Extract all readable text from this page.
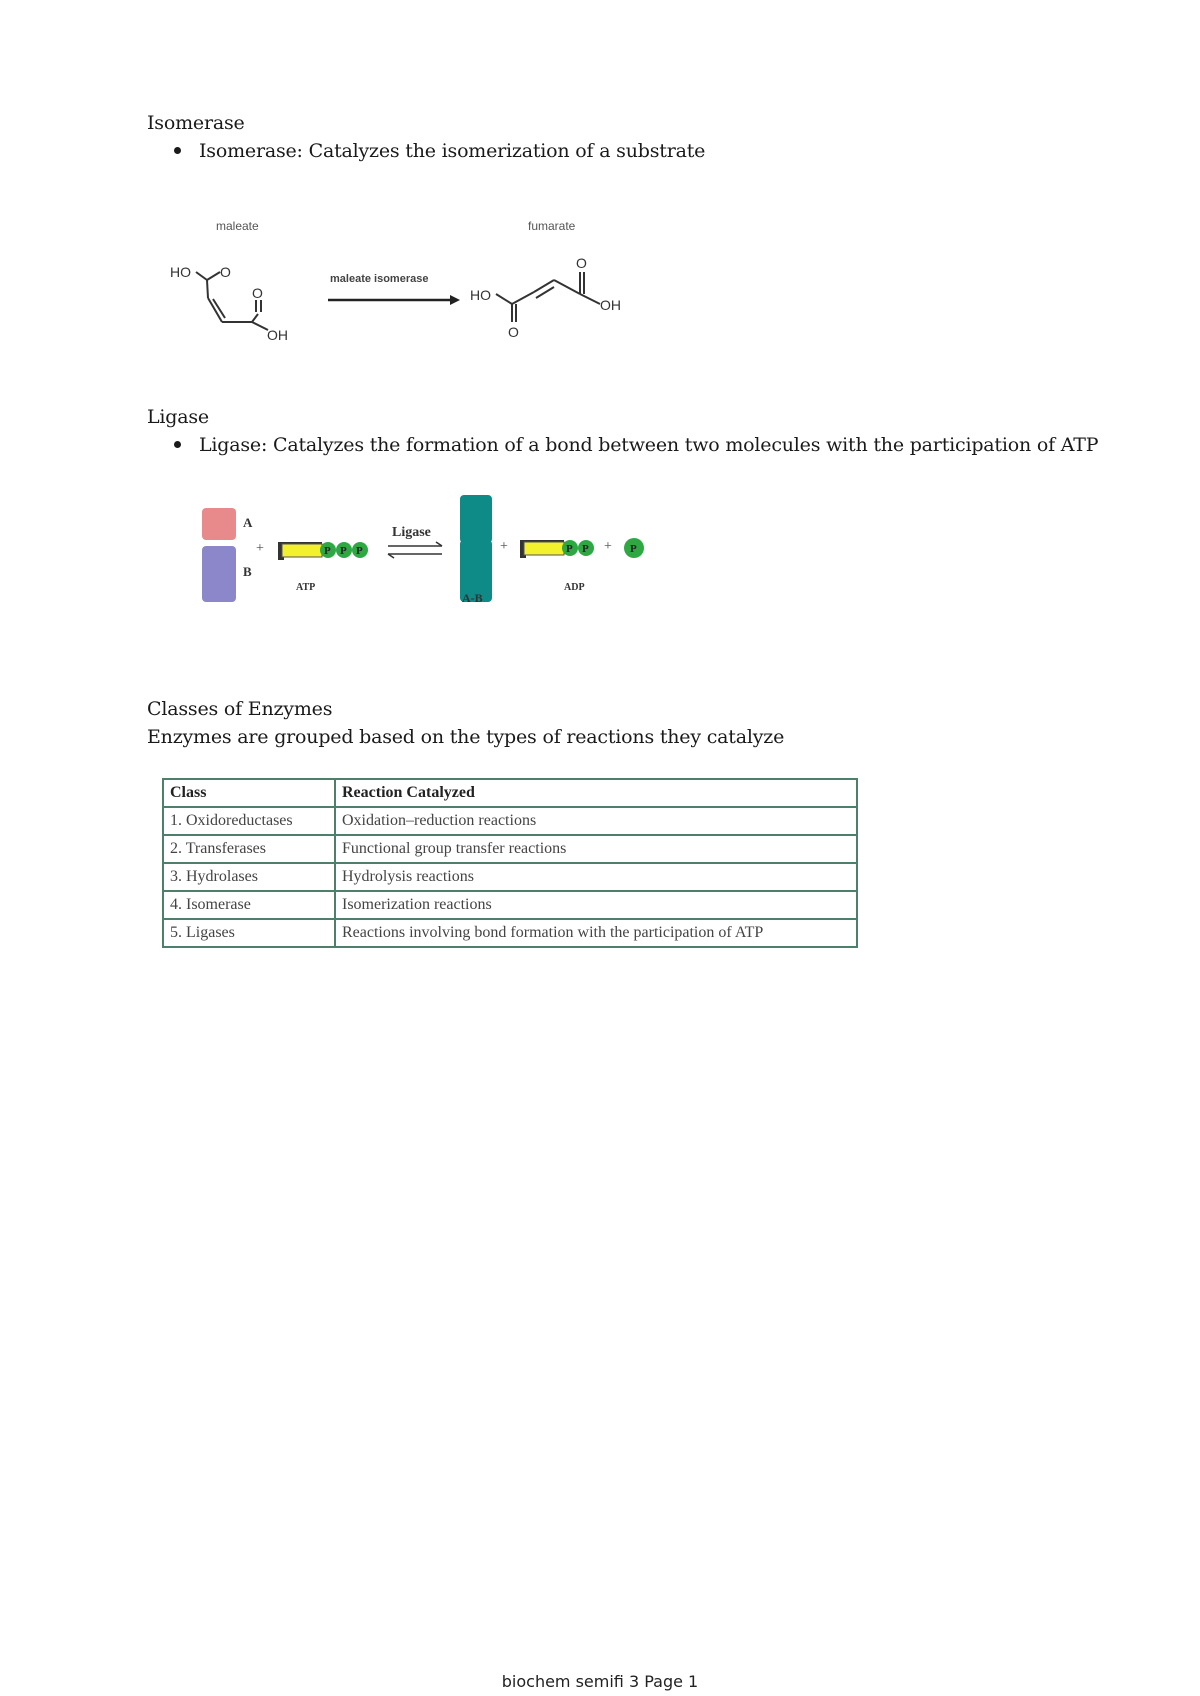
Isomerase
Isomerase: Catalyzes the isomerization of a substrate
maleate	fumarate
HO O
O
OH
maleate isomerase
HO
O
O
OH
Ligase
Ligase: Catalyzes the formation of a bond between two molecules with the participation of ATP
A
B
+	P P P
ATP
Ligase
A-B
+	P P
ADP
+ P
Classes of Enzymes
Enzymes are grouped based on the types of reactions they catalyze
Class	Reaction Catalyzed
1. Oxidoreductases	Oxidation–reduction reactions
2. Transferases	Functional group transfer reactions
3. Hydrolases	Hydrolysis reactions
4. Isomerase	Isomerization reactions
5. Ligases	Reactions involving bond formation with the participation of ATP
biochem semifi 3 Page 1
